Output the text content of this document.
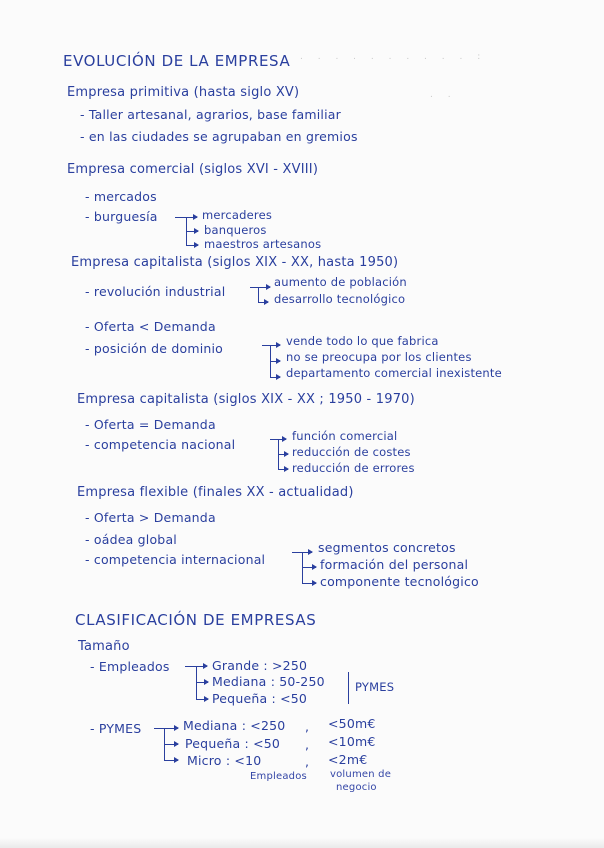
. . . . . . . . . . :
. .
EVOLUCIÓN DE LA EMPRESA
Empresa primitiva (hasta siglo XV)
- Taller artesanal, agrarios, base familiar
- en las ciudades se agrupaban en gremios
Empresa comercial (siglos XVI - XVIII)
- mercados
- burguesía	mercaderes
banqueros
maestros artesanos
Empresa capitalista (siglos XIX - XX, hasta 1950)
- revolución industrial
aumento de población
desarrollo tecnológico
- Oferta < Demanda
- posición de dominio	vende todo lo que fabrica
no se preocupa por los clientes
departamento comercial inexistente
Empresa capitalista (siglos XIX - XX ; 1950 - 1970)
- Oferta = Demanda
- competencia nacional
función comercial
reducción de costes
reducción de errores
Empresa flexible (finales XX - actualidad)
- Oferta > Demanda
- oádea global
- competencia internacional
segmentos concretos
formación del personal
componente tecnológico
CLASIFICACIÓN DE EMPRESAS
Tamaño
- Empleados	Grande : >250
Mediana : 50-250
Pequeña : <50
PYMES
- PYMES	Mediana : <250 , <50m€
Pequeña : <50 , <10m€
Micro : <10	, <2m€
Empleados volumen de
negocio
